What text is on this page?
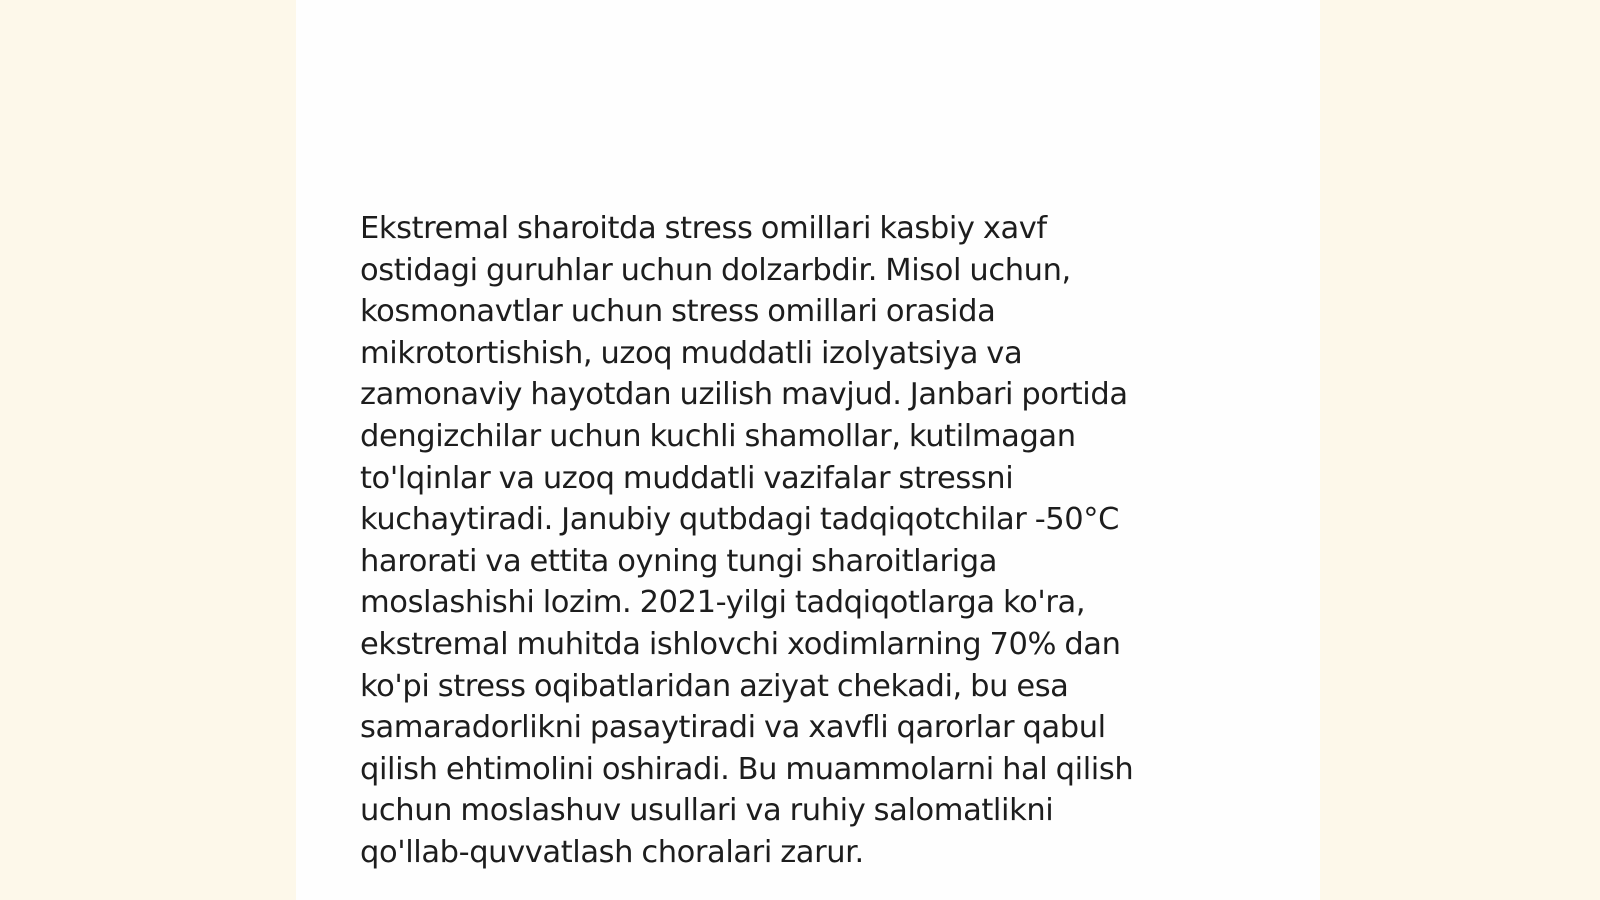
Ekstremal sharoitda stress omillari kasbiy xavf
ostidagi guruhlar uchun dolzarbdir. Misol uchun,
kosmonavtlar uchun stress omillari orasida
mikrotortishish, uzoq muddatli izolyatsiya va
zamonaviy hayotdan uzilish mavjud. Janbari portida
dengizchilar uchun kuchli shamollar, kutilmagan
to'lqinlar va uzoq muddatli vazifalar stressni
kuchaytiradi. Janubiy qutbdagi tadqiqotchilar -50°C
harorati va ettita oyning tungi sharoitlariga
moslashishi lozim. 2021-yilgi tadqiqotlarga ko'ra,
ekstremal muhitda ishlovchi xodimlarning 70% dan
ko'pi stress oqibatlaridan aziyat chekadi, bu esa
samaradorlikni pasaytiradi va xavfli qarorlar qabul
qilish ehtimolini oshiradi. Bu muammolarni hal qilish
uchun moslashuv usullari va ruhiy salomatlikni
qo'llab-quvvatlash choralari zarur.
